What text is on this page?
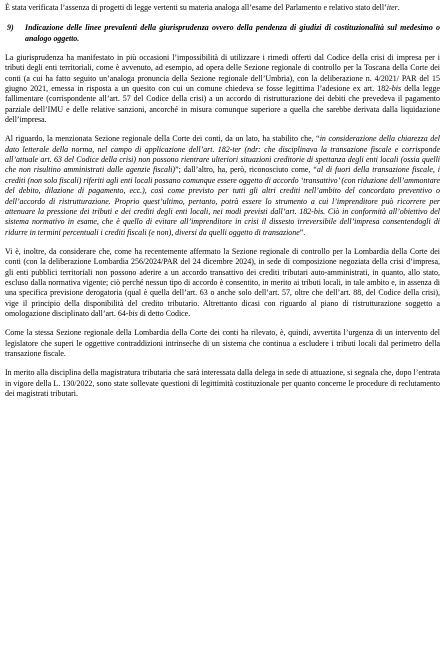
È stata verificata l’assenza di progetti di legge vertenti su materia analoga all’esame del Parlamento e relativo stato dell’iter.

9)	Indicazione delle linee prevalenti della giurisprudenza ovvero della pendenza di giudizi di costituzionalità sul medesimo o analogo oggetto.

La giurisprudenza ha manifestato in più occasioni l’impossibilità di utilizzare i rimedi offerti dal Codice della crisi di impresa per i tributi degli enti territoriali, come è avvenuto, ad esempio, ad opera delle Sezione regionale di controllo per la Toscana della Corte dei conti (a cui ha fatto seguito un’analoga pronuncia della Sezione regionale dell’Umbria), con la deliberazione n. 4/2021/ PAR del 15 giugno 2021, emessa in risposta a un quesito con cui un comune chiedeva se fosse legittima l’adesione ex art. 182-bis della legge fallimentare (corrispondente all’art. 57 del Codice della crisi) a un accordo di ristrutturazione dei debiti che prevedeva il pagamento parziale dell’IMU e delle relative sanzioni, ancorché in misura comunque superiore a quella che sarebbe derivata dalla liquidazione dell’impresa.

Al riguardo, la menzionata Sezione regionale della Corte dei conti, da un lato, ha stabilito che, “in considerazione della chiarezza del dato letterale della norma, nel campo di applicazione dell’art. 182-ter (ndr: che disciplinava la transazione fiscale e corrisponde all’attuale art. 63 del Codice della crisi) non possono rientrare ulteriori situazioni creditorie di spettanza degli enti locali (ossia quelli che non risultino amministrati dalle agenzie fiscali)”; dall’altro, ha, però, riconosciuto come, “al di fuori della transazione fiscale, i crediti (non solo fiscali) riferiti agli enti locali possano comunque essere oggetto di accordo ‘transattivo’ (con riduzione dell’ammontare del debito, dilazione di pagamento, ecc.), così come previsto per tutti gli altri crediti nell’ambito del concordato preventivo o dell’accordo di ristrutturazione. Proprio quest’ultimo, pertanto, potrà essere lo strumento a cui l’imprenditore può ricorrere per attenuare la pressione dei tributi e dei crediti degli enti locali, nei modi previsti dall’art. 182-bis. Ciò in conformità all’obiettivo del sistema normativo in esame, che è quello di evitare all’imprenditore in crisi il dissesto irreversibile dell’impresa consentendogli di ridurre in termini percentuali i crediti fiscali (e non), diversi da quelli oggetto di transazione”.

Vi è, inoltre, da considerare che, come ha recentemente affermato la Sezione regionale di controllo per la Lombardia della Corte dei conti (con la deliberazione Lombardia 256/2024/PAR del 24 dicembre 2024), in sede di composizione negoziata della crisi d’impresa, gli enti pubblici territoriali non possono aderire a un accordo transattivo dei crediti tributari auto-amministrati, in quanto, allo stato, escluso dalla normativa vigente; ciò perché nessun tipo di accordo è consentito, in merito ai tributi locali, in tale ambito e, in assenza di una specifica previsione derogatoria (qual è quella dell’art. 63 o anche solo dell’art. 57, oltre che dell’art. 88, del Codice della crisi), vige il principio della disponibilità del credito tributario. Altrettanto dicasi con riguardo al piano di ristrutturazione soggetto a omologazione disciplinato dall’art. 64-bis di detto Codice.

Come la stessa Sezione regionale della Lombardia della Corte dei conti ha rilevato, è, quindi, avvertita l’urgenza di un intervento del legislatore che superi le oggettive contraddizioni intrinseche di un sistema che continua a escludere i tributi locali dal perimetro della transazione fiscale.

In merito alla disciplina della magistratura tributaria che sarà interessata dalla delega in sede di attuazione, si segnala che, dopo l’entrata in vigore della L. 130/2022, sono state sollevate questioni di legittimità costituzionale per quanto concerne le procedure di reclutamento dei magistrati tributari.
